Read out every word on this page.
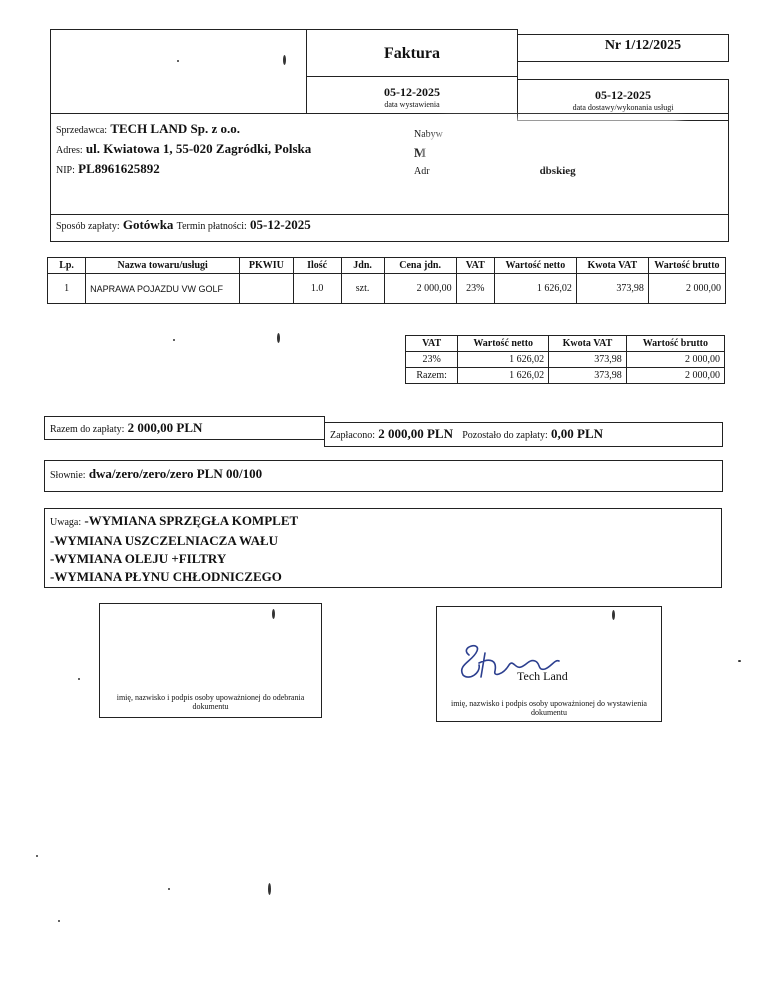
Faktura	Nr 1/12/2025
05-12-2025
data wystawienia
05-12-2025
data dostawy/wykonania usługi
Sprzedawca: TECH LAND Sp. z o.o.
Adres: ul. Kwiatowa 1, 55-020 Zagródki, Polska
NIP: PL8961625892
Nabyw
M
Adr	dbskieg
Sposób zapłaty: Gotówka Termin płatności: 05-12-2025
Lp.	Nazwa towaru/usługi	PKWIU	Ilość	Jdn.	Cena jdn.	VAT	Wartość netto	Kwota VAT	Wartość brutto
1	NAPRAWA POJAZDU VW GOLF		1.0	szt.	2 000,00	23%	1 626,02	373,98	2 000,00
VAT	Wartość netto	Kwota VAT	Wartość brutto
23%	1 626,02	373,98	2 000,00
Razem:	1 626,02	373,98	2 000,00
Razem do zapłaty: 2 000,00 PLN
Zapłacono: 2 000,00 PLN Pozostało do zapłaty: 0,00 PLN
Słownie: dwa/zero/zero/zero PLN 00/100
Uwaga: -WYMIANA SPRZĘGŁA KOMPLET
-WYMIANA USZCZELNIACZA WAŁU
-WYMIANA OLEJU +FILTRY
-WYMIANA PŁYNU CHŁODNICZEGO
imię, nazwisko i podpis osoby upoważnionej do odebrania dokumentu
Tech Land
imię, nazwisko i podpis osoby upoważnionej do wystawienia dokumentu
